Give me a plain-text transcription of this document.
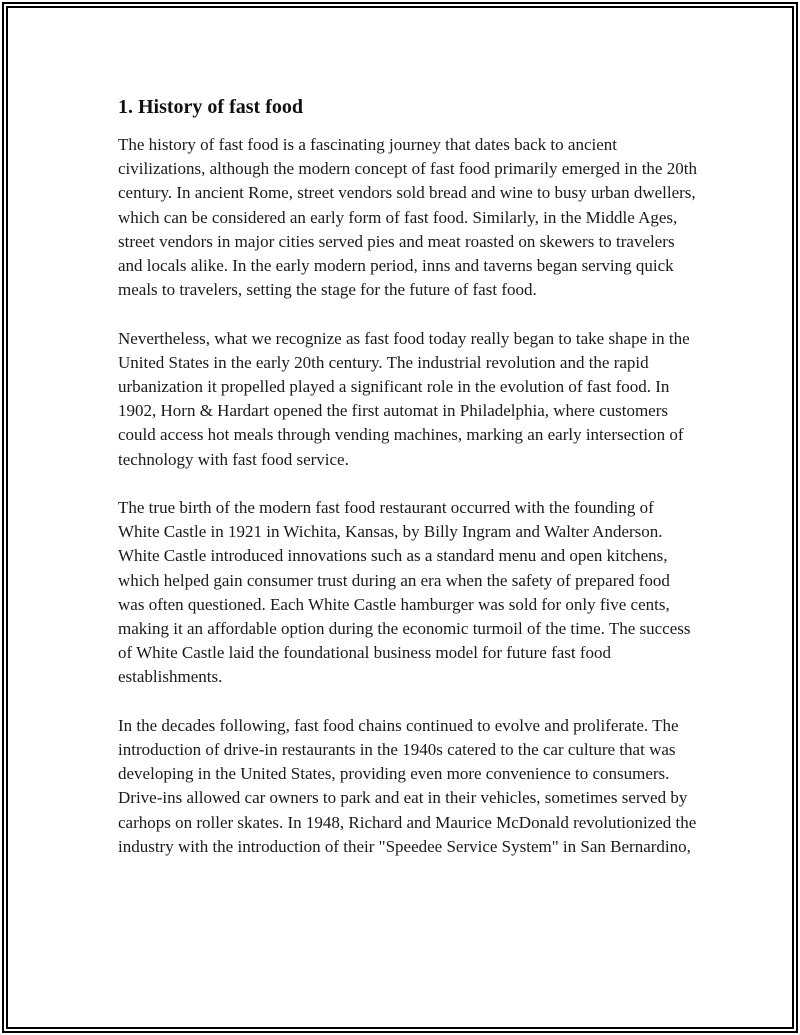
1. History of fast food

The history of fast food is a fascinating journey that dates back to ancient civilizations, although the modern concept of fast food primarily emerged in the 20th century. In ancient Rome, street vendors sold bread and wine to busy urban dwellers, which can be considered an early form of fast food. Similarly, in the Middle Ages, street vendors in major cities served pies and meat roasted on skewers to travelers and locals alike. In the early modern period, inns and taverns began serving quick meals to travelers, setting the stage for the future of fast food.

Nevertheless, what we recognize as fast food today really began to take shape in the United States in the early 20th century. The industrial revolution and the rapid urbanization it propelled played a significant role in the evolution of fast food. In 1902, Horn & Hardart opened the first automat in Philadelphia, where customers could access hot meals through vending machines, marking an early intersection of technology with fast food service.

The true birth of the modern fast food restaurant occurred with the founding of White Castle in 1921 in Wichita, Kansas, by Billy Ingram and Walter Anderson. White Castle introduced innovations such as a standard menu and open kitchens, which helped gain consumer trust during an era when the safety of prepared food was often questioned. Each White Castle hamburger was sold for only five cents, making it an affordable option during the economic turmoil of the time. The success of White Castle laid the foundational business model for future fast food establishments.

In the decades following, fast food chains continued to evolve and proliferate. The introduction of drive-in restaurants in the 1940s catered to the car culture that was developing in the United States, providing even more convenience to consumers. Drive-ins allowed car owners to park and eat in their vehicles, sometimes served by carhops on roller skates. In 1948, Richard and Maurice McDonald revolutionized the industry with the introduction of their "Speedee Service System" in San Bernardino,
